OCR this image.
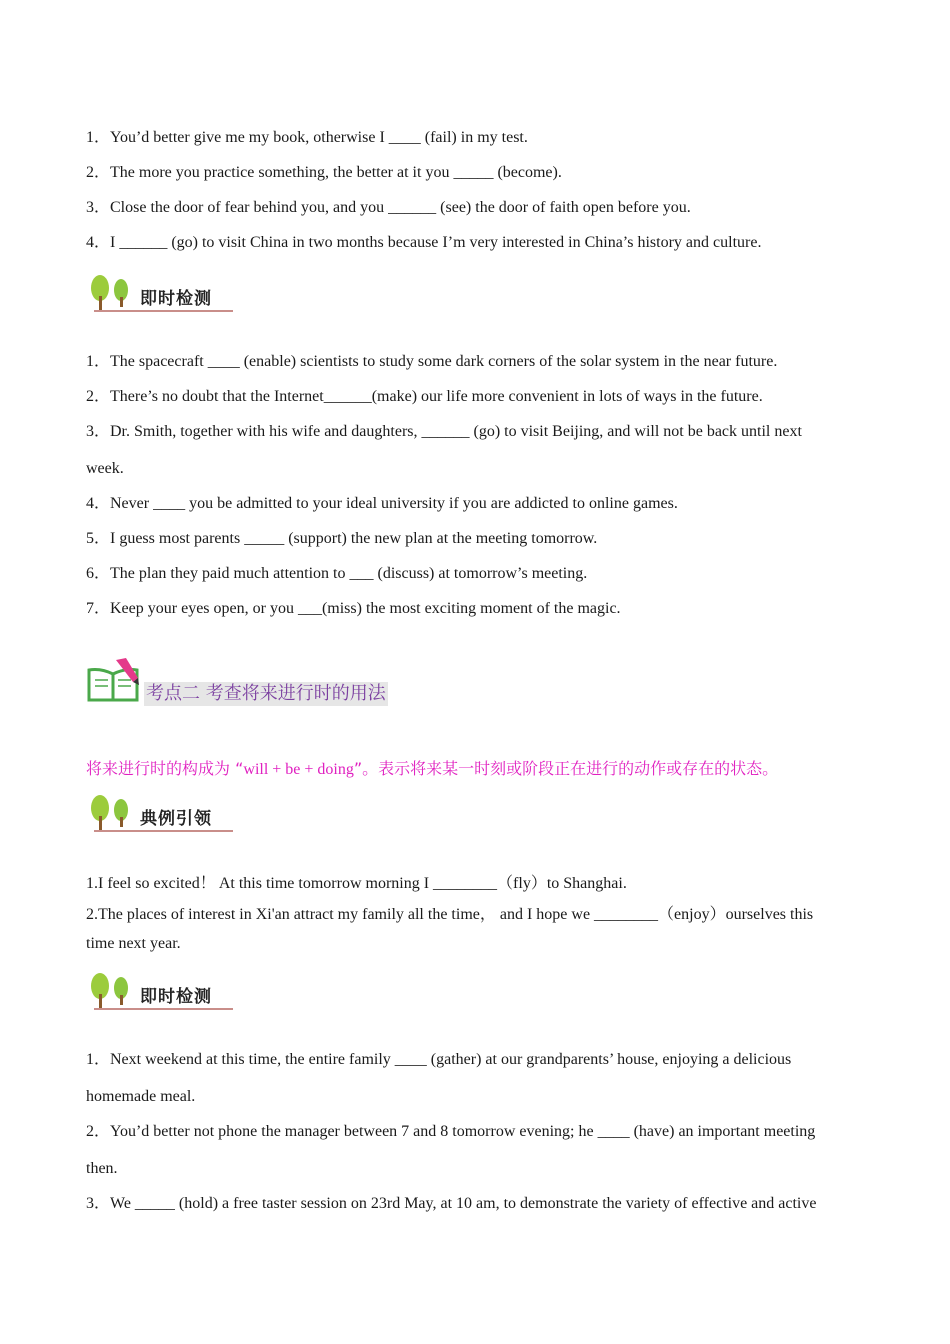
1．You’d better give me my book, otherwise I ____ (fail) in my test.
2．The more you practice something, the better at it you _____ (become).
3．Close the door of fear behind you, and you ______ (see) the door of faith open before you.
4．I ______ (go) to visit China in two months because I’m very interested in China’s history and culture.
即时检测
1．The spacecraft ____ (enable) scientists to study some dark corners of the solar system in the near future.
2．There’s no doubt that the Internet______(make) our life more convenient in lots of ways in the future.
3．Dr. Smith, together with his wife and daughters, ______ (go) to visit Beijing, and will not be back until next
week.
4．Never ____ you be admitted to your ideal university if you are addicted to online games.
5．I guess most parents _____ (support) the new plan at the meeting tomorrow.
6．The plan they paid much attention to ___ (discuss) at tomorrow’s meeting.
7．Keep your eyes open, or you ___(miss) the most exciting moment of the magic.
考点二 考查将来进行时的用法
将来进行时的构成为 “will + be + doing”。表示将来某一时刻或阶段正在进行的动作或存在的状态。
典例引领
1.I feel so excited！ At this time tomorrow morning I ________（fly）to Shanghai.
2.The places of interest in Xi'an attract my family all the time， and I hope we ________（enjoy）ourselves this
time next year.
即时检测
1．Next weekend at this time, the entire family ____ (gather) at our grandparents’ house, enjoying a delicious
homemade meal.
2．You’d better not phone the manager between 7 and 8 tomorrow evening; he ____ (have) an important meeting
then.
3．We _____ (hold) a free taster session on 23rd May, at 10 am, to demonstrate the variety of effective and active
